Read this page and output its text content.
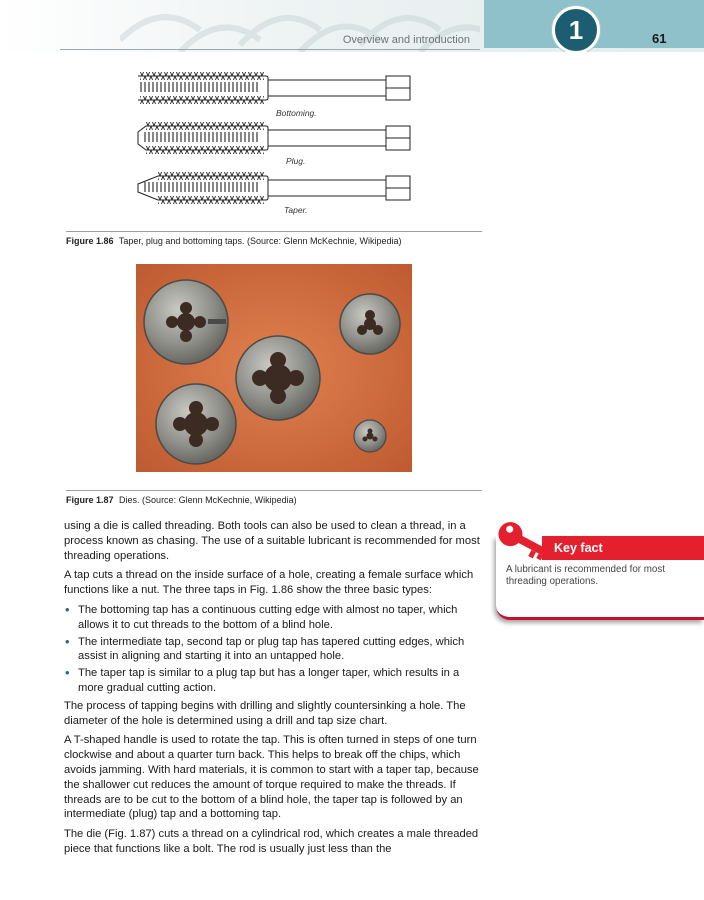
Overview and introduction	1	61
Bottoming.
Plug.
Taper.
Figure 1.86 Taper, plug and bottoming taps. (Source: Glenn McKechnie, Wikipedia)
Figure 1.87 Dies. (Source: Glenn McKechnie, Wikipedia)

using a die is called threading. Both tools can also be used to clean a thread, in a process known as chasing. The use of a suitable lubricant is recommended for most threading operations.

A tap cuts a thread on the inside surface of a hole, creating a female surface which functions like a nut. The three taps in Fig. 1.86 show the three basic types:

• The bottoming tap has a continuous cutting edge with almost no taper, which allows it to cut threads to the bottom of a blind hole.
• The intermediate tap, second tap or plug tap has tapered cutting edges, which assist in aligning and starting it into an untapped hole.
• The taper tap is similar to a plug tap but has a longer taper, which results in a more gradual cutting action.

The process of tapping begins with drilling and slightly countersinking a hole. The diameter of the hole is determined using a drill and tap size chart.

A T-shaped handle is used to rotate the tap. This is often turned in steps of one turn clockwise and about a quarter turn back. This helps to break off the chips, which avoids jamming. With hard materials, it is common to start with a taper tap, because the shallower cut reduces the amount of torque required to make the threads. If threads are to be cut to the bottom of a blind hole, the taper tap is followed by an intermediate (plug) tap and a bottoming tap.

The die (Fig. 1.87) cuts a thread on a cylindrical rod, which creates a male threaded piece that functions like a bolt. The rod is usually just less than the

Key fact
A lubricant is recommended for most threading operations.
